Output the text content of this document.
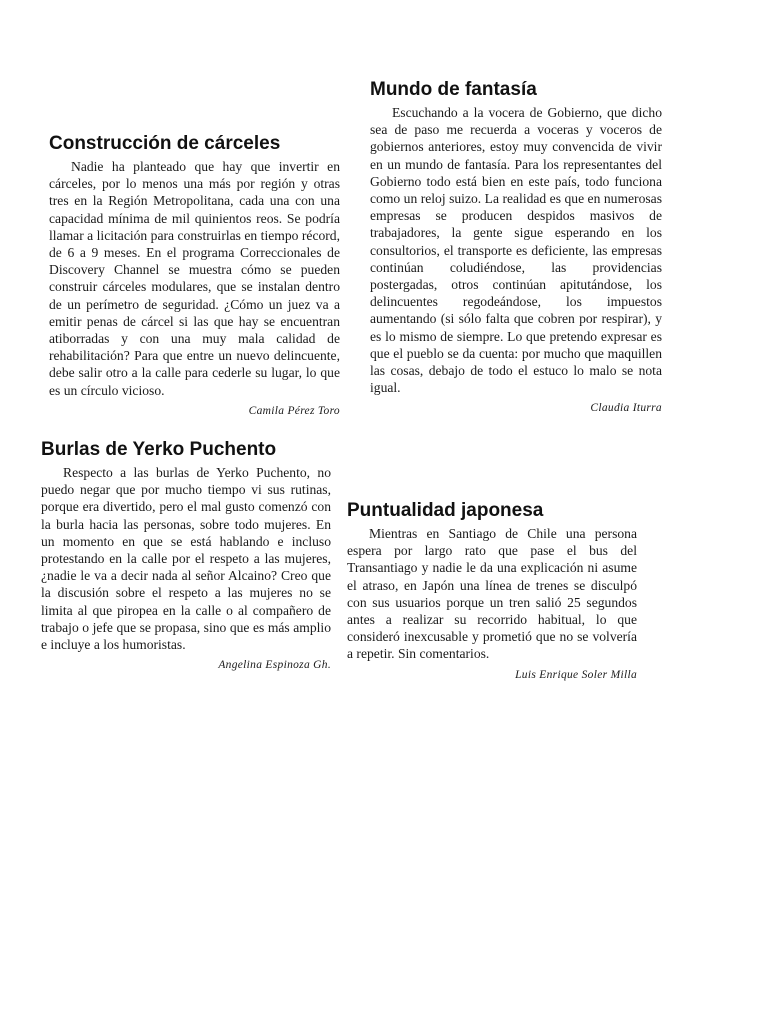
Construcción de cárceles

Nadie ha planteado que hay que invertir en cárceles, por lo menos una más por región y otras tres en la Región Metropolitana, cada una con una capacidad mínima de mil quinientos reos. Se podría llamar a licitación para construirlas en tiempo récord, de 6 a 9 meses. En el programa Correccionales de Discovery Channel se muestra cómo se pueden construir cárceles modulares, que se instalan dentro de un perímetro de seguridad. ¿Cómo un juez va a emitir penas de cárcel si las que hay se encuentran atiborradas y con una muy mala calidad de rehabilitación? Para que entre un nuevo delincuente, debe salir otro a la calle para cederle su lugar, lo que es un círculo vicioso.

Camila Pérez Toro
Mundo de fantasía

Escuchando a la vocera de Gobierno, que dicho sea de paso me recuerda a voceras y voceros de gobiernos anteriores, estoy muy convencida de vivir en un mundo de fantasía. Para los representantes del Gobierno todo está bien en este país, todo funciona como un reloj suizo. La realidad es que en numerosas empresas se producen despidos masivos de trabajadores, la gente sigue esperando en los consultorios, el transporte es deficiente, las empresas continúan coludiéndose, las providencias postergadas, otros continúan apitutándose, los delincuentes regodeándose, los impuestos aumentando (si sólo falta que cobren por respirar), y es lo mismo de siempre. Lo que pretendo expresar es que el pueblo se da cuenta: por mucho que maquillen las cosas, debajo de todo el estuco lo malo se nota igual.

Claudia Iturra
Burlas de Yerko Puchento

Respecto a las burlas de Yerko Puchento, no puedo negar que por mucho tiempo vi sus rutinas, porque era divertido, pero el mal gusto comenzó con la burla hacia las personas, sobre todo mujeres. En un momento en que se está hablando e incluso protestando en la calle por el respeto a las mujeres, ¿nadie le va a decir nada al señor Alcaino? Creo que la discusión sobre el respeto a las mujeres no se limita al que piropea en la calle o al compañero de trabajo o jefe que se propasa, sino que es más amplio e incluye a los humoristas.

Angelina Espinoza Gh.
Puntualidad japonesa

Mientras en Santiago de Chile una persona espera por largo rato que pase el bus del Transantiago y nadie le da una explicación ni asume el atraso, en Japón una línea de trenes se disculpó con sus usuarios porque un tren salió 25 segundos antes a realizar su recorrido habitual, lo que consideró inexcusable y prometió que no se volvería a repetir. Sin comentarios.

Luis Enrique Soler Milla
